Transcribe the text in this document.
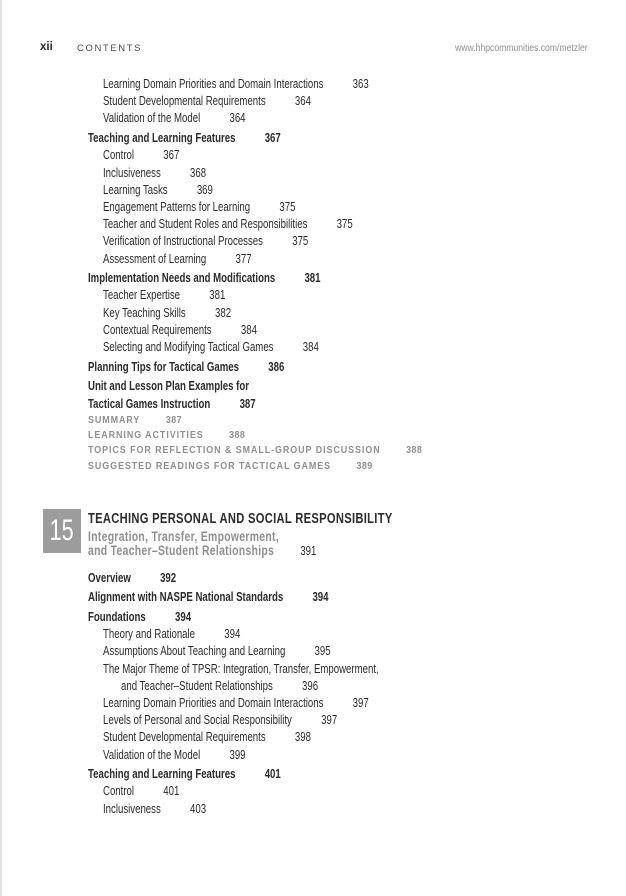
xii	CONTENTS	www.hhpcommunities.com/metzler
Learning Domain Priorities and Domain Interactions 363
Student Developmental Requirements 364
Validation of the Model 364
Teaching and Learning Features 367
Control 367
Inclusiveness 368
Learning Tasks 369
Engagement Patterns for Learning 375
Teacher and Student Roles and Responsibilities 375
Verification of Instructional Processes 375
Assessment of Learning 377
Implementation Needs and Modifications 381
Teacher Expertise 381
Key Teaching Skills 382
Contextual Requirements 384
Selecting and Modifying Tactical Games 384
Planning Tips for Tactical Games 386
Unit and Lesson Plan Examples for
Tactical Games Instruction 387
SUMMARY 387
LEARNING ACTIVITIES 388
TOPICS FOR REFLECTION & SMALL-GROUP DISCUSSION 388
SUGGESTED READINGS FOR TACTICAL GAMES 389
15 TEACHING PERSONAL AND SOCIAL RESPONSIBILITY
Integration, Transfer, Empowerment,
and Teacher–Student Relationships 391
Overview 392
Alignment with NASPE National Standards 394
Foundations 394
Theory and Rationale 394
Assumptions About Teaching and Learning 395
The Major Theme of TPSR: Integration, Transfer, Empowerment,
and Teacher–Student Relationships 396
Learning Domain Priorities and Domain Interactions 397
Levels of Personal and Social Responsibility 397
Student Developmental Requirements 398
Validation of the Model 399
Teaching and Learning Features 401
Control 401
Inclusiveness 403
